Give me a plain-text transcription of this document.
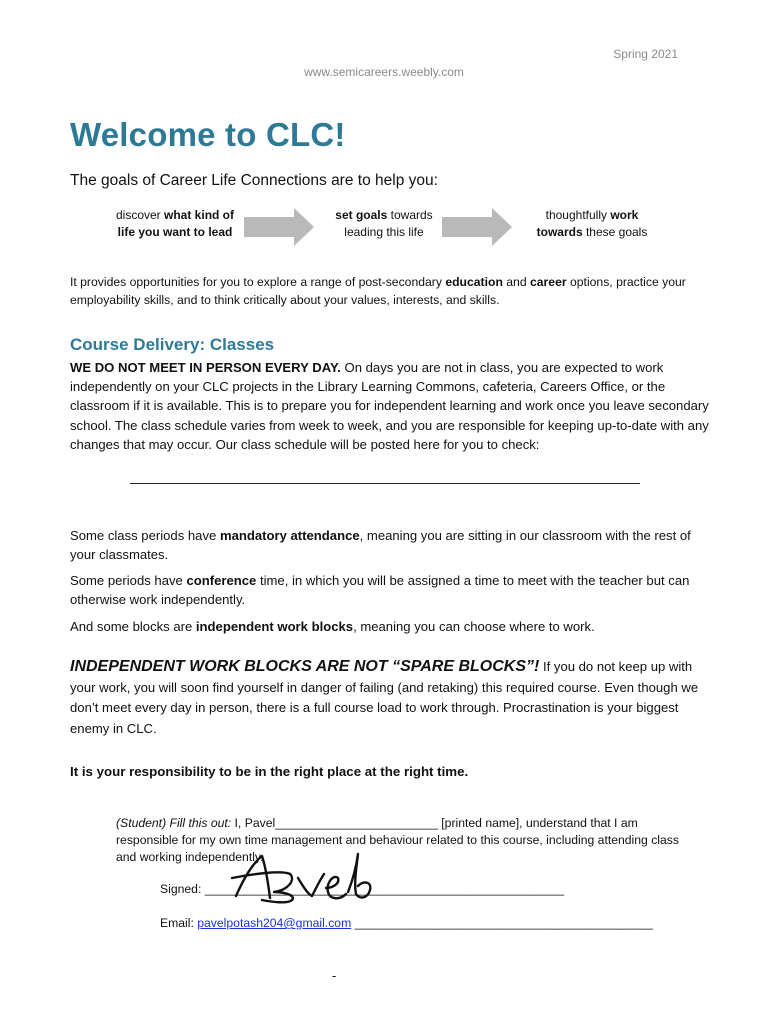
Spring 2021
www.semicareers.weebly.com
Welcome to CLC!
The goals of Career Life Connections are to help you:
discover what kind of life you want to lead
set goals towards leading this life
thoughtfully work towards these goals

It provides opportunities for you to explore a range of post-secondary education and career options, practice your employability skills, and to think critically about your values, interests, and skills.

Course Delivery: Classes

WE DO NOT MEET IN PERSON EVERY DAY. On days you are not in class, you are expected to work independently on your CLC projects in the Library Learning Commons, cafeteria, Careers Office, or the classroom if it is available. This is to prepare you for independent learning and work once you leave secondary school. The class schedule varies from week to week, and you are responsible for keeping up-to-date with any changes that may occur. Our class schedule will be posted here for you to check:

Some class periods have mandatory attendance, meaning you are sitting in our classroom with the rest of your classmates.

Some periods have conference time, in which you will be assigned a time to meet with the teacher but can otherwise work independently.

And some blocks are independent work blocks, meaning you can choose where to work.

INDEPENDENT WORK BLOCKS ARE NOT “SPARE BLOCKS”! If you do not keep up with your work, you will soon find yourself in danger of failing (and retaking) this required course. Even though we don’t meet every day in person, there is a full course load to work through. Procrastination is your biggest enemy in CLC.

It is your responsibility to be in the right place at the right time.

(Student) Fill this out: I, Pavel________________________ [printed name], understand that I am responsible for my own time management and behaviour related to this course, including attending class and working independently.

Signed: _____________________________________________________
Email: pavelpotash204@gmail.com ____________________________________________
-
